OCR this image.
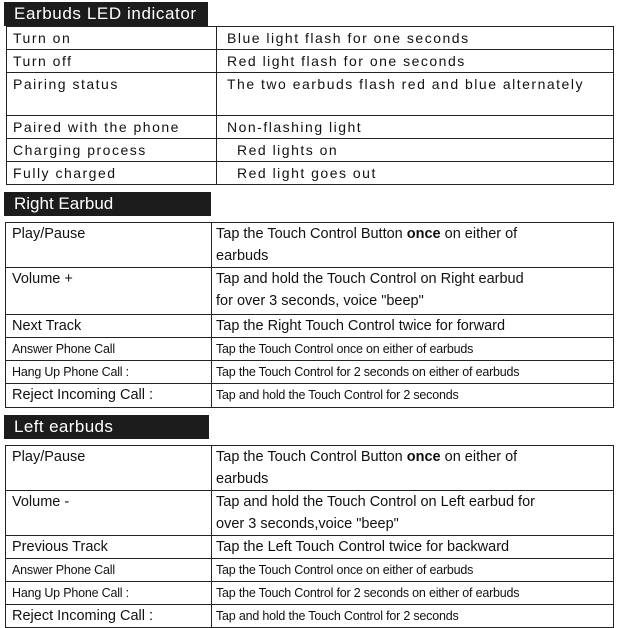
Earbuds LED indicator
Turn on	Blue light flash for one seconds
Turn off	Red light flash for one seconds
Pairing status	The two earbuds flash red and blue alternately
Paired with the phone	Non-flashing light
Charging process	Red lights on
Fully charged	Red light goes out
Right Earbud
Play/Pause	Tap the Touch Control Button once on either of
earbuds
Volume +	Tap and hold the Touch Control on Right earbud
for over 3 seconds, voice "beep"
Next Track	Tap the Right Touch Control twice for forward
Answer Phone Call	Tap the Touch Control once on either of earbuds
Hang Up Phone Call :	Tap the Touch Control for 2 seconds on either of earbuds
Reject Incoming Call :	Tap and hold the Touch Control for 2 seconds
Left earbuds
Play/Pause	Tap the Touch Control Button once on either of
earbuds
Volume -	Tap and hold the Touch Control on Left earbud for
over 3 seconds,voice "beep"
Previous Track	Tap the Left Touch Control twice for backward
Answer Phone Call	Tap the Touch Control once on either of earbuds
Hang Up Phone Call :	Tap the Touch Control for 2 seconds on either of earbuds
Reject Incoming Call :	Tap and hold the Touch Control for 2 seconds
